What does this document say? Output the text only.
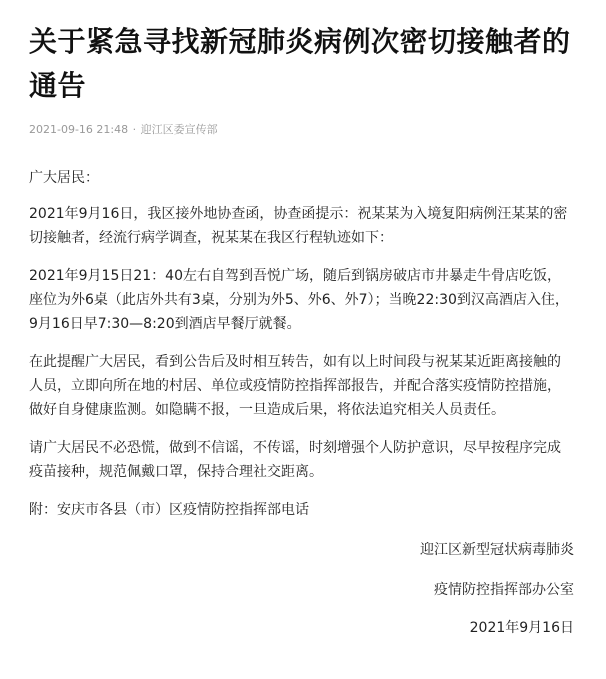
关于紧急寻找新冠肺炎病例次密切接触者的通告
2021-09-16 21:48 · 迎江区委宣传部

广大居民：

2021年9月16日，我区接外地协查函，协查函提示：祝某某为入境复阳病例汪某某的密切接触者，经流行病学调查，祝某某在我区行程轨迹如下：

2021年9月15日21：40左右自驾到吾悦广场，随后到锅房破店市井暴走牛骨店吃饭，座位为外6桌（此店外共有3桌，分别为外5、外6、外7）；当晚22:30到汉高酒店入住，9月16日早7:30—8:20到酒店早餐厅就餐。

在此提醒广大居民，看到公告后及时相互转告，如有以上时间段与祝某某近距离接触的人员，立即向所在地的村居、单位或疫情防控指挥部报告，并配合落实疫情防控措施，做好自身健康监测。如隐瞒不报，一旦造成后果，将依法追究相关人员责任。

请广大居民不必恐慌，做到不信谣，不传谣，时刻增强个人防护意识，尽早按程序完成疫苗接种，规范佩戴口罩，保持合理社交距离。

附：安庆市各县（市）区疫情防控指挥部电话

迎江区新型冠状病毒肺炎

疫情防控指挥部办公室

2021年9月16日
